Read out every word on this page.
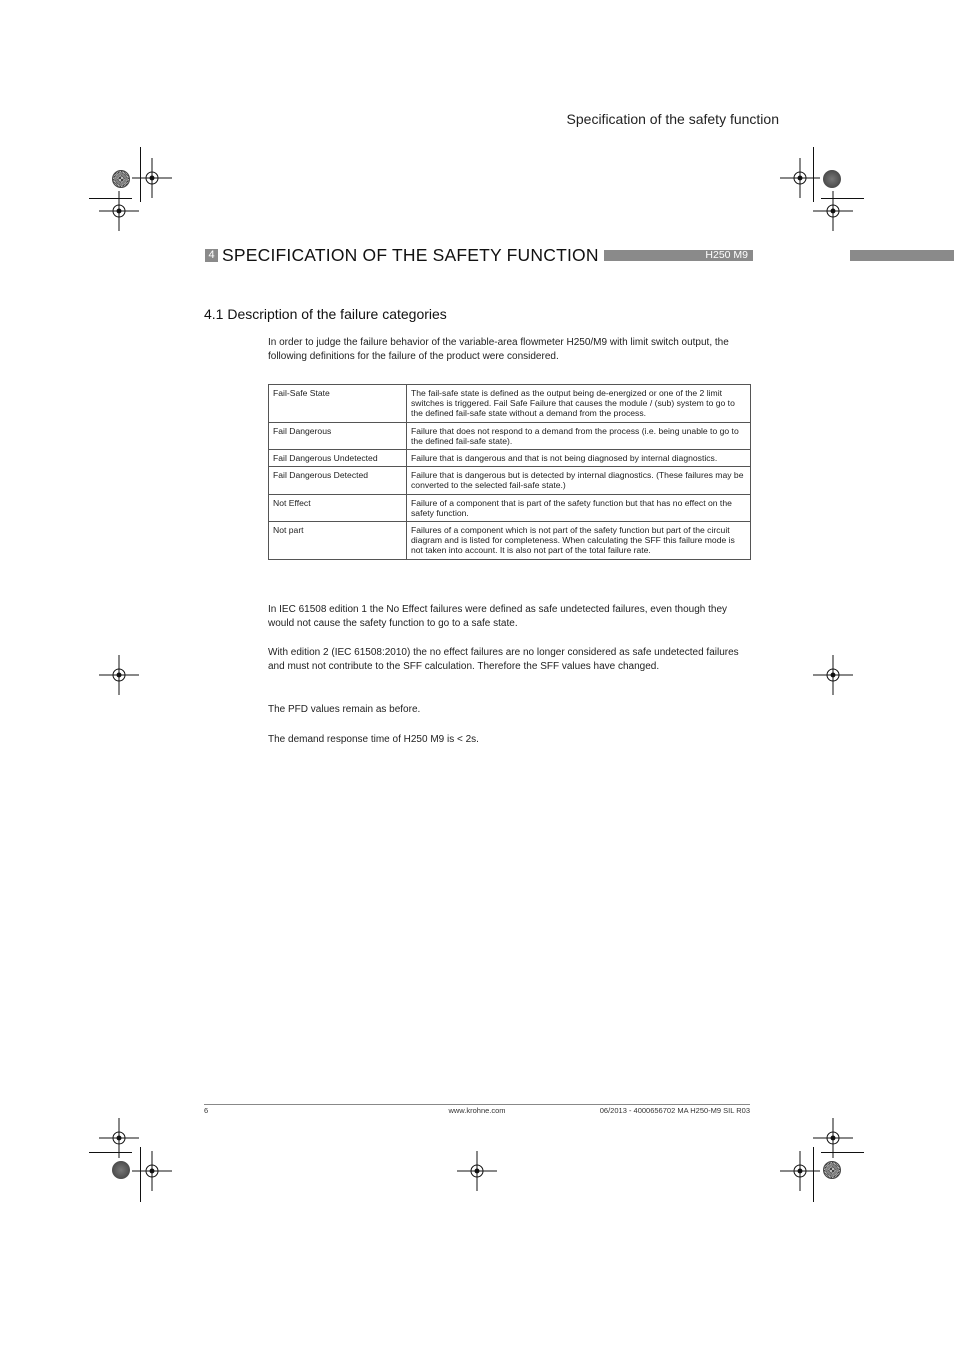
Specification of the safety function
4 SPECIFICATION OF THE SAFETY FUNCTION	H250 M9
4.1 Description of the failure categories
In order to judge the failure behavior of the variable-area flowmeter H250/M9 with limit switch output, the following definitions for the failure of the product were considered.
Fail-Safe State	The fail-safe state is defined as the output being de-energized or one of the 2 limit switches is triggered. Fail Safe Failure that causes the module / (sub) system to go to the defined fail-safe state without a demand from the process.
Fail Dangerous	Failure that does not respond to a demand from the process (i.e. being unable to go to the defined fail-safe state).
Fail Dangerous Undetected	Failure that is dangerous and that is not being diagnosed by internal diagnostics.
Fail Dangerous Detected	Failure that is dangerous but is detected by internal diagnostics. (These failures may be converted to the selected fail-safe state.)
Not Effect	Failure of a component that is part of the safety function but that has no effect on the safety function.
Not part	Failures of a component which is not part of the safety function but part of the circuit diagram and is listed for completeness. When calculating the SFF this failure mode is not taken into account. It is also not part of the total failure rate.
In IEC 61508 edition 1 the No Effect failures were defined as safe undetected failures, even though they would not cause the safety function to go to a safe state.
With edition 2 (IEC 61508:2010) the no effect failures are no longer considered as safe undetected failures and must not contribute to the SFF calculation. Therefore the SFF values have changed.
The PFD values remain as before.
The demand response time of H250 M9 is < 2s.
6	www.krohne.com	06/2013 - 4000656702 MA H250-M9 SIL R03
